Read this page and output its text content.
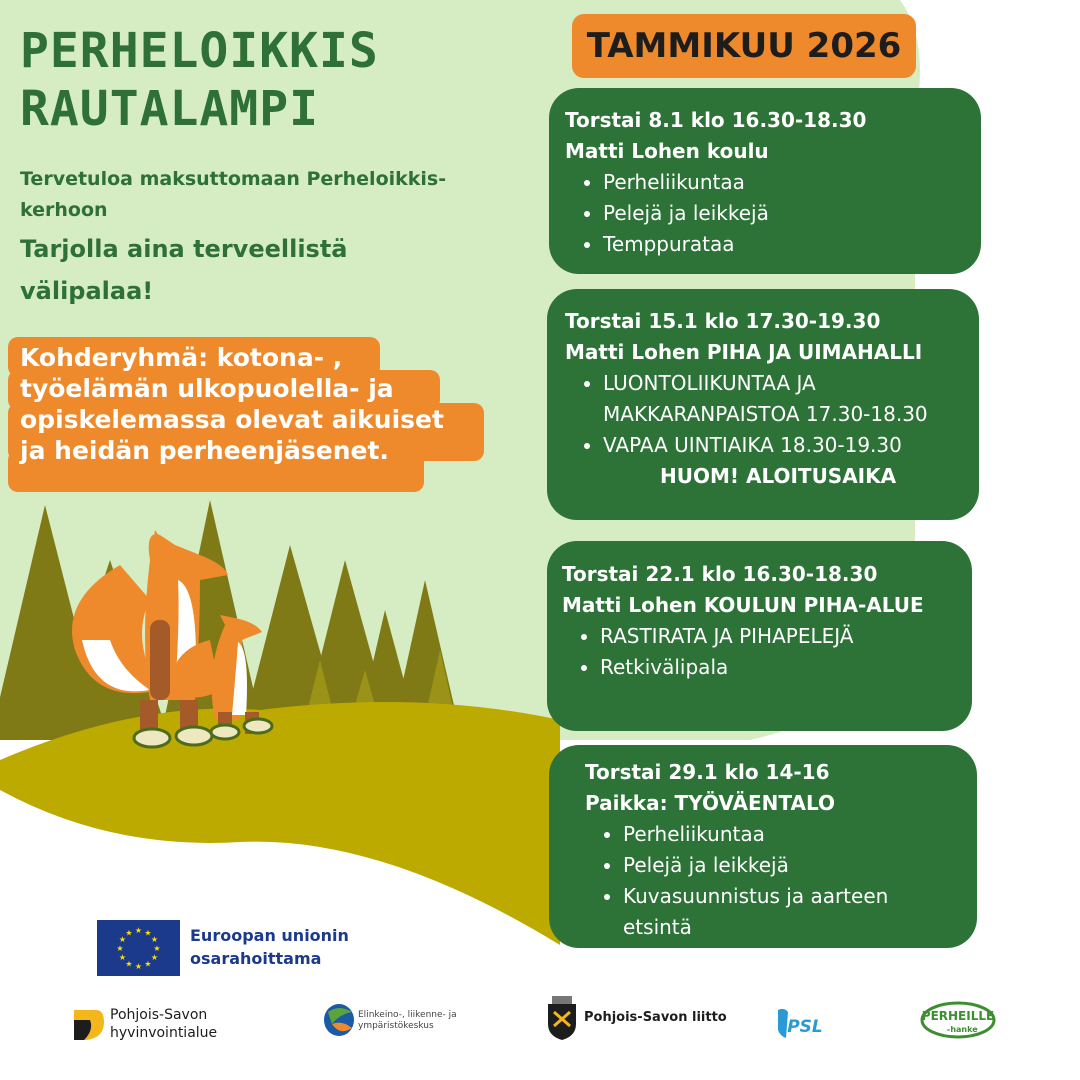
PERHELOIKKIS
RAUTALAMPI

Tervetuloa maksuttomaan Perheloikkis-kerhoon

Tarjolla aina terveellistä välipalaa!

Kohderyhmä: kotona- ,
työelämän ulkopuolella- ja
opiskelemassa olevat aikuiset
ja heidän perheenjäsenet.

TAMMIKUU 2026

Torstai 8.1 klo 16.30-18.30

Matti Lohen koulu

• Perheliikuntaa
• Pelejä ja leikkejä
• Temppurataa

Torstai 15.1 klo 17.30-19.30

Matti Lohen PIHA JA UIMAHALLI

• LUONTOLIIKUNTAA JA
MAKKARANPAISTOA 17.30-18.30
• VAPAA UINTIAIKA 18.30-19.30

HUOM! ALOITUSAIKA

Torstai 22.1 klo 16.30-18.30

Matti Lohen KOULUN PIHA-ALUE

• RASTIRATA JA PIHAPELEJÄ
• Retkivälipala

Torstai 29.1 klo 14-16

Paikka: TYÖVÄENTALO

• Perheliikuntaa
• Pelejä ja leikkejä
• Kuvasuunnistus ja aarteen
etsintä
★ ★
★
★
★
★
★
★
★
★
★
★	Euroopan unionin
osarahoittama

Pohjois-Savon
hyvinvointialue

Elinkeino-, liikenne- ja
ympäristökeskus

Pohjois-Savon liitto	PSL
PERHEILLE
–hanke
